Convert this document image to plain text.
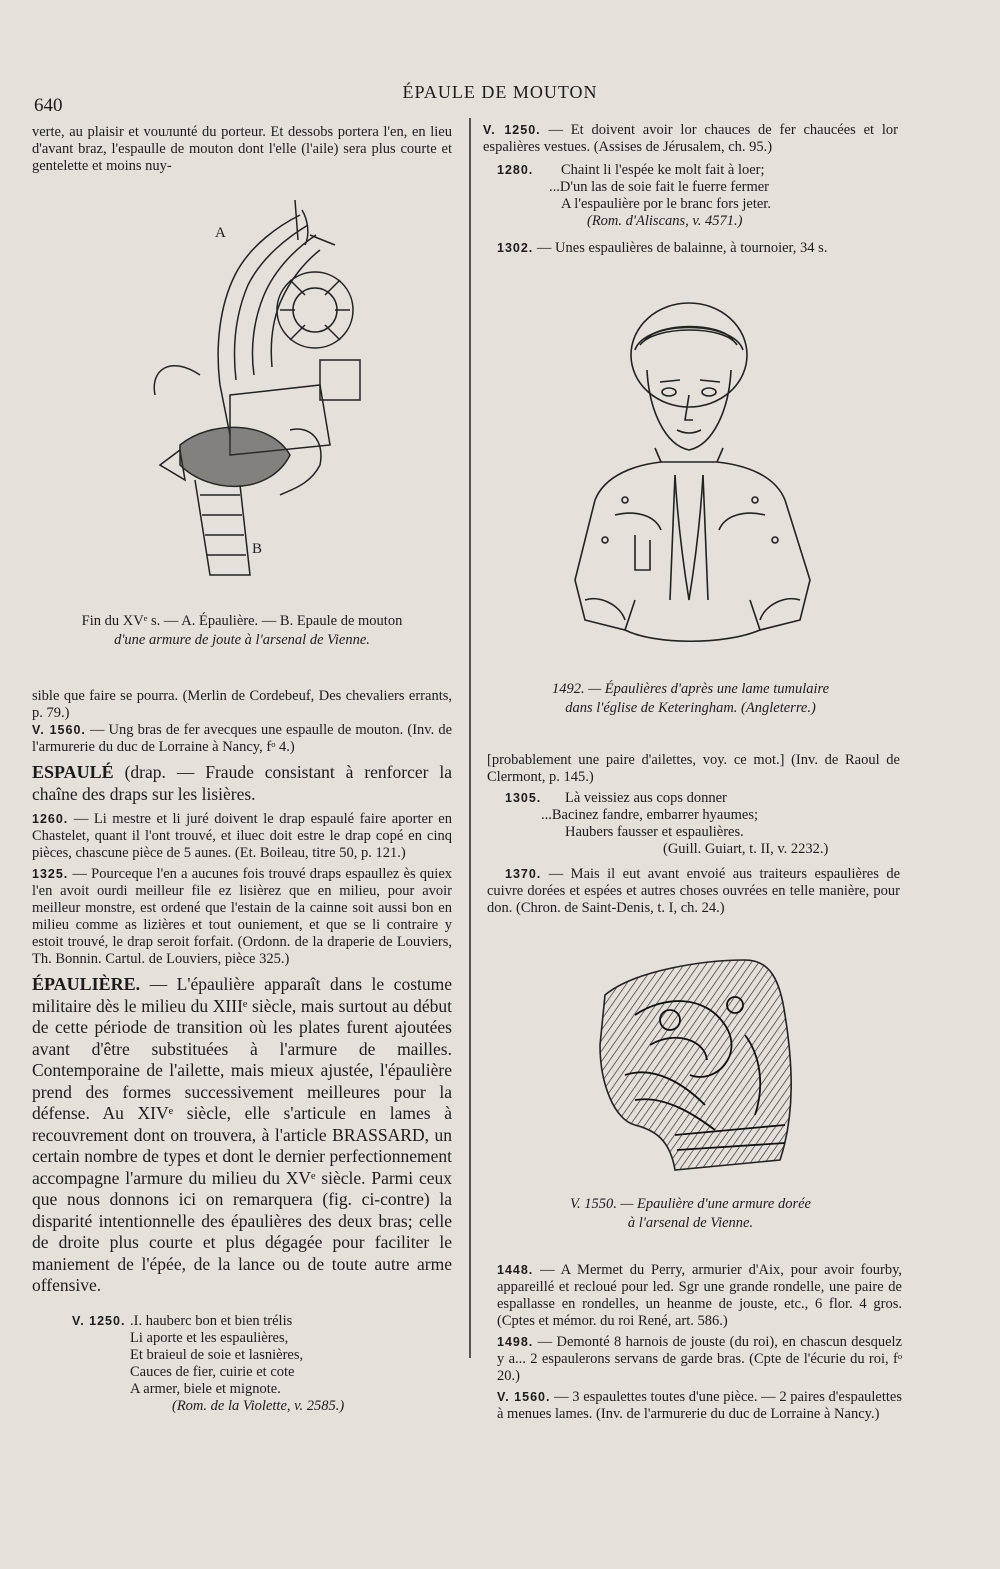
640
ÉPAULE DE MOUTON

verte, au plaisir et vouлunté du porteur. Et dessobs portera l'en, en lieu d'avant braz, l'espaulle de mouton dont l'elle (l'aile) sera plus courte et gentelette et moins nuy-

A
B
Fin du XVᵉ s. — A. Épaulière. — B. Epaule de mouton
d'une armure de joute à l'arsenal de Vienne.

sible que faire se pourra. (Merlin de Cordebeuf, Des chevaliers errants, p. 79.)

V. 1560. — Ung bras de fer avecques une espaulle de mouton. (Inv. de l'armurerie du duc de Lorraine à Nancy, fᵒ 4.)

ESPAULÉ (drap. — Fraude consistant à renforcer la chaîne des draps sur les lisières.

1260. — Li mestre et li juré doivent le drap espaulé faire aporter en Chastelet, quant il l'ont trouvé, et iluec doit estre le drap copé en cinq pièces, chascune pièce de 5 aunes. (Et. Boileau, titre 50, p. 121.)

1325. — Pourceque l'en a aucunes fois trouvé draps espaullez ès quiex l'en avoit ourdi meilleur file ez lisièrez que en milieu, pour avoir meilleur monstre, est ordené que l'estain de la cainne soit aussi bon en milieu comme as lizières et tout ouniement, et que se li contraire y estoit trouvé, le drap seroit forfait. (Ordonn. de la draperie de Louviers, Th. Bonnin. Cartul. de Louviers, pièce 325.)

ÉPAULIÈRE. — L'épaulière apparaît dans le costume militaire dès le milieu du XIIIᵉ siècle, mais surtout au début de cette période de transition où les plates furent ajoutées avant d'être substituées à l'armure de mailles. Contemporaine de l'ailette, mais mieux ajustée, l'épaulière prend des formes successivement meilleures pour la défense. Au XIVᵉ siècle, elle s'articule en lames à recouvrement dont on trouvera, à l'article BRASSARD, un certain nombre de types et dont le dernier perfectionnement accompagne l'armure du milieu du XVᵉ siècle. Parmi ceux que nous donnons ici on remarquera (fig. ci-contre) la disparité intentionnelle des épaulières des deux bras; celle de droite plus courte et plus dégagée pour faciliter le maniement de l'épée, de la lance ou de toute autre arme offensive.

V. 1250. .I. hauberc bon et bien trélis
Li aporte et les espaulières,
Et braieul de soie et lasnières,
Cauces de fier, cuirie et cote
A armer, biele et mignote.
(Rom. de la Violette, v. 2585.)

V. 1250. — Et doivent avoir lor chauces de fer chaucées et lor espalières vestues. (Assises de Jérusalem, ch. 95.)

1280.	Chaint li l'espée ke molt fait à loer;
...D'un las de soie fait le fuerre fermer
A l'espaulière por le branc fors jeter.
(Rom. d'Aliscans, v. 4571.)

1302. — Unes espaulières de balainne, à tournoier, 34 s.

1492. — Épaulières d'après une lame tumulaire
dans l'église de Keteringham. (Angleterre.)

[probablement une paire d'ailettes, voy. ce mot.] (Inv. de Raoul de Clermont, p. 145.)

1305.	Là veissiez aus cops donner
...Bacinez fandre, embarrer hyaumes;
Haubers fausser et espaulières.
(Guill. Guiart, t. II, v. 2232.)

1370. — Mais il eut avant envoié aus traiteurs espaulières de cuivre dorées et espées et autres choses ouvrées en telle manière, pour don. (Chron. de Saint-Denis, t. I, ch. 24.)

V. 1550. — Epaulière d'une armure dorée
à l'arsenal de Vienne.

1448. — A Mermet du Perry, armurier d'Aix, pour avoir fourby, appareillé et recloué pour led. Sgr une grande rondelle, une paire de espallasse en rondelles, un heanme de jouste, etc., 6 flor. 4 gros. (Cptes et mémor. du roi René, art. 586.)

1498. — Demonté 8 harnois de jouste (du roi), en chascun desquelz y a... 2 espaulerons servans de garde bras. (Cpte de l'écurie du roi, fᵒ 20.)

V. 1560. — 3 espaulettes toutes d'une pièce. — 2 paires d'espaulettes à menues lames. (Inv. de l'armurerie du duc de Lorraine à Nancy.)
